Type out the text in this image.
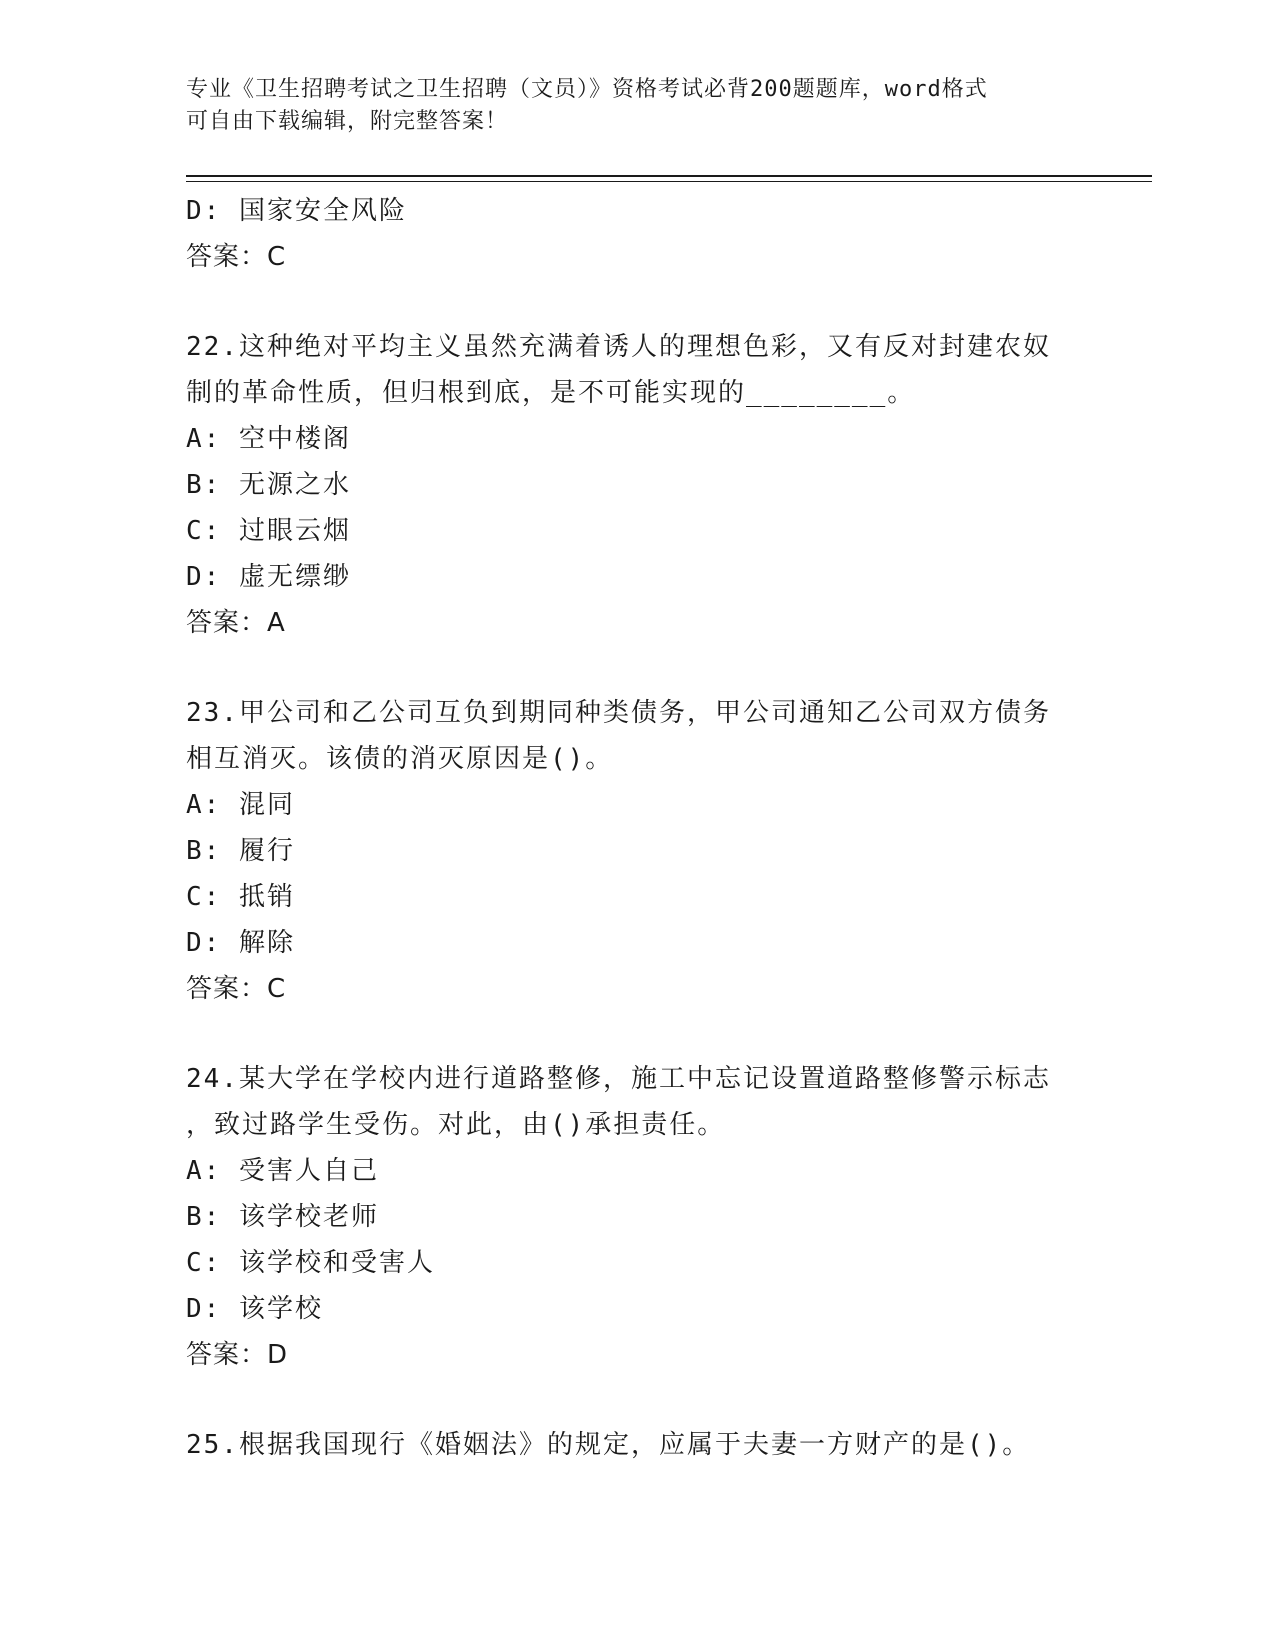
专业《卫生招聘考试之卫生招聘（文员）》资格考试必背200题题库，word格式
可自由下载编辑，附完整答案！
D: 国家安全风险
答案：C
22.这种绝对平均主义虽然充满着诱人的理想色彩，又有反对封建农奴
制的革命性质，但归根到底，是不可能实现的________。
A: 空中楼阁
B: 无源之水
C: 过眼云烟
D: 虚无缥缈
答案：A
23.甲公司和乙公司互负到期同种类债务，甲公司通知乙公司双方债务
相互消灭。该债的消灭原因是()。
A: 混同
B: 履行
C: 抵销
D: 解除
答案：C
24.某大学在学校内进行道路整修，施工中忘记设置道路整修警示标志
，致过路学生受伤。对此，由()承担责任。
A: 受害人自己
B: 该学校老师
C: 该学校和受害人
D: 该学校
答案：D
25.根据我国现行《婚姻法》的规定，应属于夫妻一方财产的是()。
